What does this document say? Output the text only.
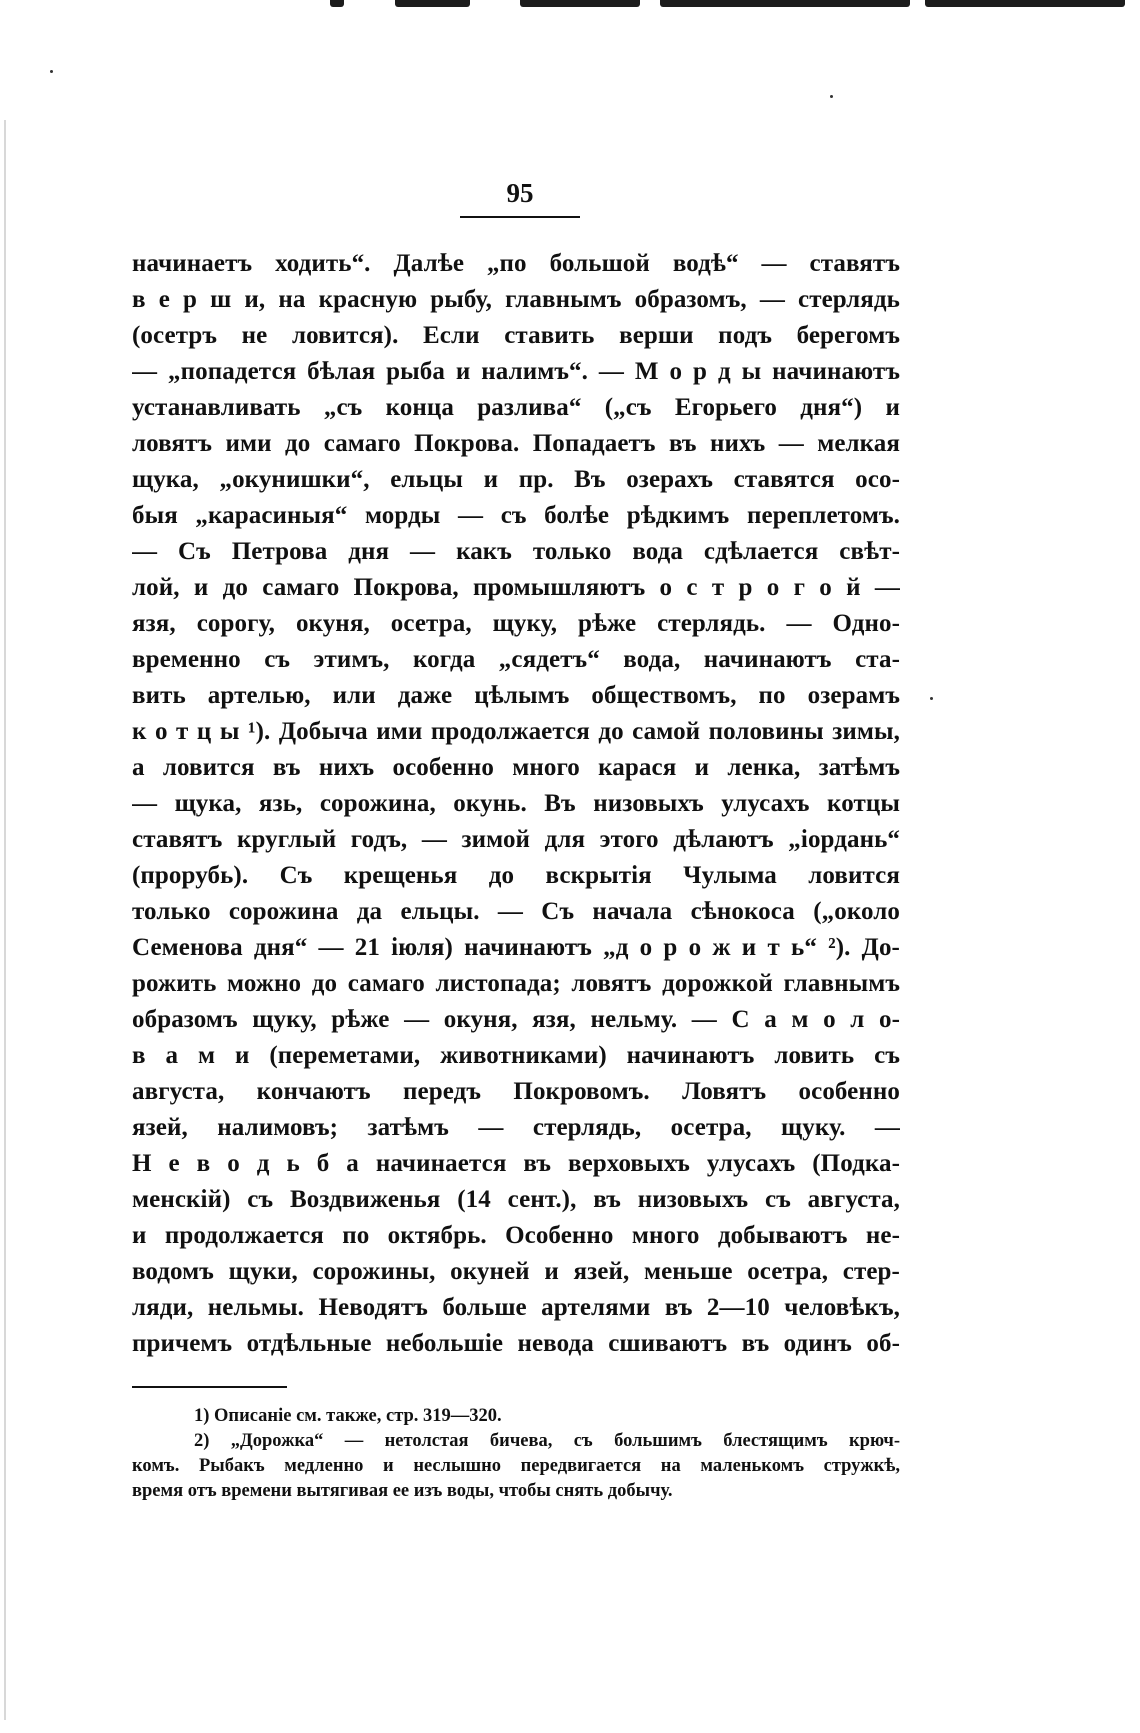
95
начинаетъ ходить“. Далѣе „по большой водѣ“ — ставятъ
в е р ш и, на красную рыбу, главнымъ образомъ, — стерлядь
(осетръ не ловится). Если ставить верши подъ берегомъ
— „попадется бѣлая рыба и налимъ“. — М о р д ы начинаютъ
устанавливать „съ конца разлива“ („съ Егорьего дня“) и
ловятъ ими до самаго Покрова. Попадаетъ въ нихъ — мелкая
щука, „окунишки“, ельцы и пр. Въ озерахъ ставятся осо-
быя „карасиныя“ морды — съ болѣе рѣдкимъ переплетомъ.
— Съ Петрова дня — какъ только вода сдѣлается свѣт-
лой, и до самаго Покрова, промышляютъ о с т р о г о й —
язя, сорогу, окуня, осетра, щуку, рѣже стерлядь. — Одно-
временно съ этимъ, когда „сядетъ“ вода, начинаютъ ста-
вить артелью, или даже цѣлымъ обществомъ, по озерамъ
к о т ц ы ¹). Добыча ими продолжается до самой половины зимы,
а ловится въ нихъ особенно много карася и ленка, затѣмъ
— щука, язь, сорожина, окунь. Въ низовыхъ улусахъ котцы
ставятъ круглый годъ, — зимой для этого дѣлаютъ „іордань“
(прорубь). Съ крещенья до вскрытія Чулыма ловится
только сорожина да ельцы. — Съ начала сѣнокоса („около
Семенова дня“ — 21 іюля) начинаютъ „д о р о ж и т ь“ ²). До-
рожить можно до самаго листопада; ловятъ дорожкой главнымъ
образомъ щуку, рѣже — окуня, язя, нельму. — С а м о л о-
в а м и (переметами, животниками) начинаютъ ловить съ
августа, кончаютъ передъ Покровомъ. Ловятъ особенно
язей, налимовъ; затѣмъ — стерлядь, осетра, щуку. —
Н е в о д ь б а начинается въ верховыхъ улусахъ (Подка-
менскій) съ Воздвиженья (14 сент.), въ низовыхъ съ августа,
и продолжается по октябрь. Особенно много добываютъ не-
водомъ щуки, сорожины, окуней и язей, меньше осетра, стер-
ляди, нельмы. Неводятъ больше артелями въ 2—10 человѣкъ,
причемъ отдѣльные небольшіе невода сшиваютъ въ одинъ об-
1) Описаніе см. также, стр. 319—320.
2) „Дорожка“ — нетолстая бичева, съ большимъ блестящимъ крюч-
комъ. Рыбакъ медленно и неслышно передвигается на маленькомъ стружкѣ,
время отъ времени вытягивая ее изъ воды, чтобы снять добычу.
